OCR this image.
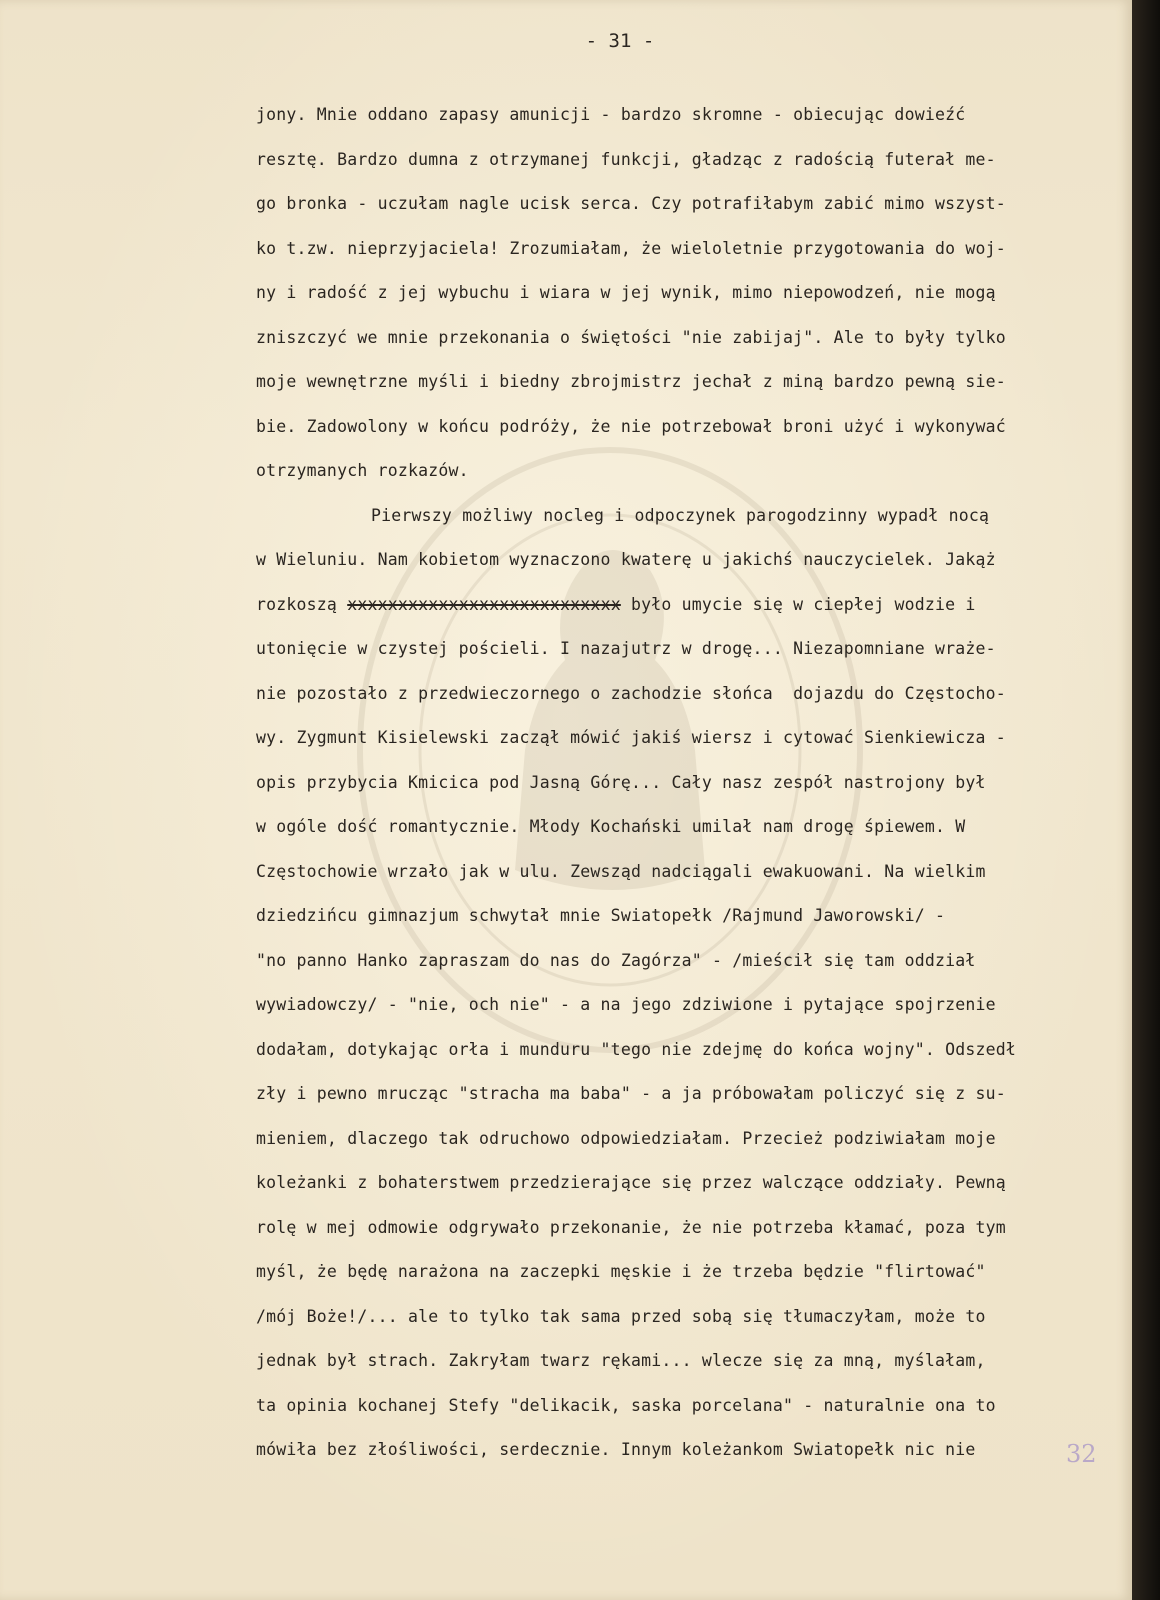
- 31 -
jony. Mnie oddano zapasy amunicji - bardzo skromne - obiecując dowieźć
resztę. Bardzo dumna z otrzymanej funkcji, gładząc z radością futerał me-
go bronka - uczułam nagle ucisk serca. Czy potrafiłabym zabić mimo wszyst-
ko t.zw. nieprzyjaciela! Zrozumiałam, że wieloletnie przygotowania do woj-
ny i radość z jej wybuchu i wiara w jej wynik, mimo niepowodzeń, nie mogą
zniszczyć we mnie przekonania o świętości "nie zabijaj". Ale to były tylko
moje wewnętrzne myśli i biedny zbrojmistrz jechał z miną bardzo pewną sie-
bie. Zadowolony w końcu podróży, że nie potrzebował broni użyć i wykonywać
otrzymanych rozkazów.
Pierwszy możliwy nocleg i odpoczynek parogodzinny wypadł nocą
w Wieluniu. Nam kobietom wyznaczono kwaterę u jakichś nauczycielek. Jakąż
rozkoszą xxxxxxxxxxxxxxxxxxxxxxxxxxx było umycie się w ciepłej wodzie i
utonięcie w czystej pościeli. I nazajutrz w drogę... Niezapomniane wraże-
nie pozostało z przedwieczornego o zachodzie słońca  dojazdu do Częstocho-
wy. Zygmunt Kisielewski zaczął mówić jakiś wiersz i cytować Sienkiewicza -
opis przybycia Kmicica pod Jasną Górę... Cały nasz zespół nastrojony był
w ogóle dość romantycznie. Młody Kochański umilał nam drogę śpiewem. W
Częstochowie wrzało jak w ulu. Zewsząd nadciągali ewakuowani. Na wielkim
dziedzińcu gimnazjum schwytał mnie Swiatopełk /Rajmund Jaworowski/ -
"no panno Hanko zapraszam do nas do Zagórza" - /mieścił się tam oddział
wywiadowczy/ - "nie, och nie" - a na jego zdziwione i pytające spojrzenie
dodałam, dotykając orła i munduru "tego nie zdejmę do końca wojny". Odszedł
zły i pewno mrucząc "stracha ma baba" - a ja próbowałam policzyć się z su-
mieniem, dlaczego tak odruchowo odpowiedziałam. Przecież podziwiałam moje
koleżanki z bohaterstwem przedzierające się przez walczące oddziały. Pewną
rolę w mej odmowie odgrywało przekonanie, że nie potrzeba kłamać, poza tym
myśl, że będę narażona na zaczepki męskie i że trzeba będzie "flirtować"
/mój Boże!/... ale to tylko tak sama przed sobą się tłumaczyłam, może to
jednak był strach. Zakryłam twarz rękami... wlecze się za mną, myślałam,
ta opinia kochanej Stefy "delikacik, saska porcelana" - naturalnie ona to
mówiła bez złośliwości, serdecznie. Innym koleżankom Swiatopełk nic nie	32
